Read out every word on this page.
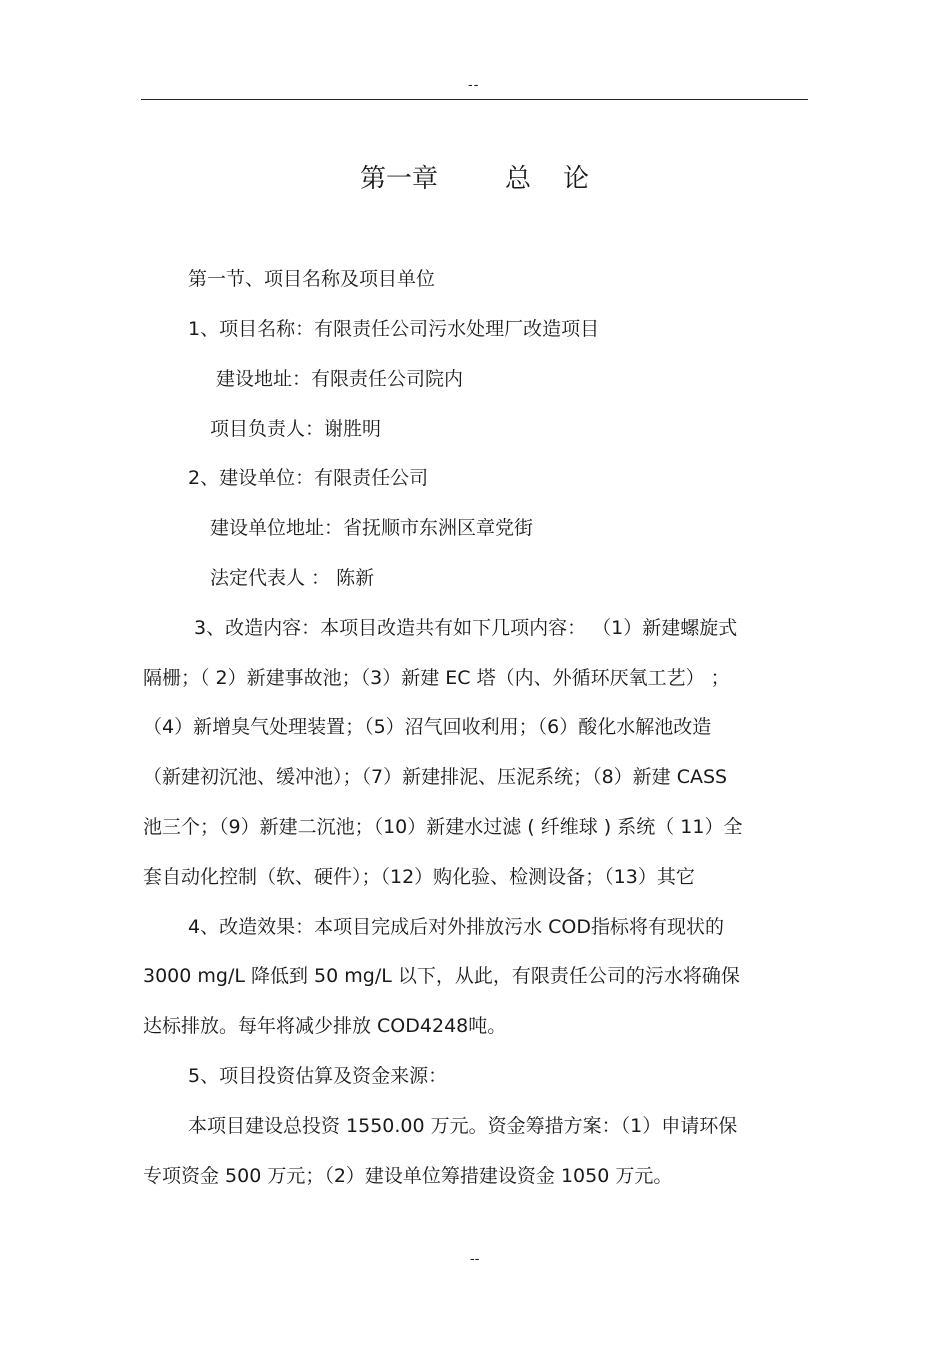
--
第一章	总 论
第一节、项目名称及项目单位
1、项目名称：有限责任公司污水处理厂改造项目
建设地址：有限责任公司院内
项目负责人：谢胜明
2、建设单位：有限责任公司
建设单位地址：省抚顺市东洲区章党街
法定代表人 ： 陈新
3、改造内容：本项目改造共有如下几项内容： （1）新建螺旋式
隔栅；（ 2）新建事故池；（3）新建 EC 塔（内、外循环厌氧工艺） ；
（4）新增臭气处理装置；（5）沼气回收利用；（6）酸化水解池改造
（新建初沉池、缓冲池）；（7）新建排泥、压泥系统；（8）新建 CASS
池三个；（9）新建二沉池；（10）新建水过滤 ( 纤维球 ) 系统（ 11）全
套自动化控制（软、硬件）；（12）购化验、检测设备；（13）其它
4、改造效果：本项目完成后对外排放污水 COD指标将有现状的
3000 mg/L 降低到 50 mg/L 以下，从此，有限责任公司的污水将确保
达标排放。每年将减少排放 COD4248吨。
5、项目投资估算及资金来源：
本项目建设总投资 1550.00 万元。资金筹措方案：（1）申请环保
专项资金 500 万元；（2）建设单位筹措建设资金 1050 万元。
--
